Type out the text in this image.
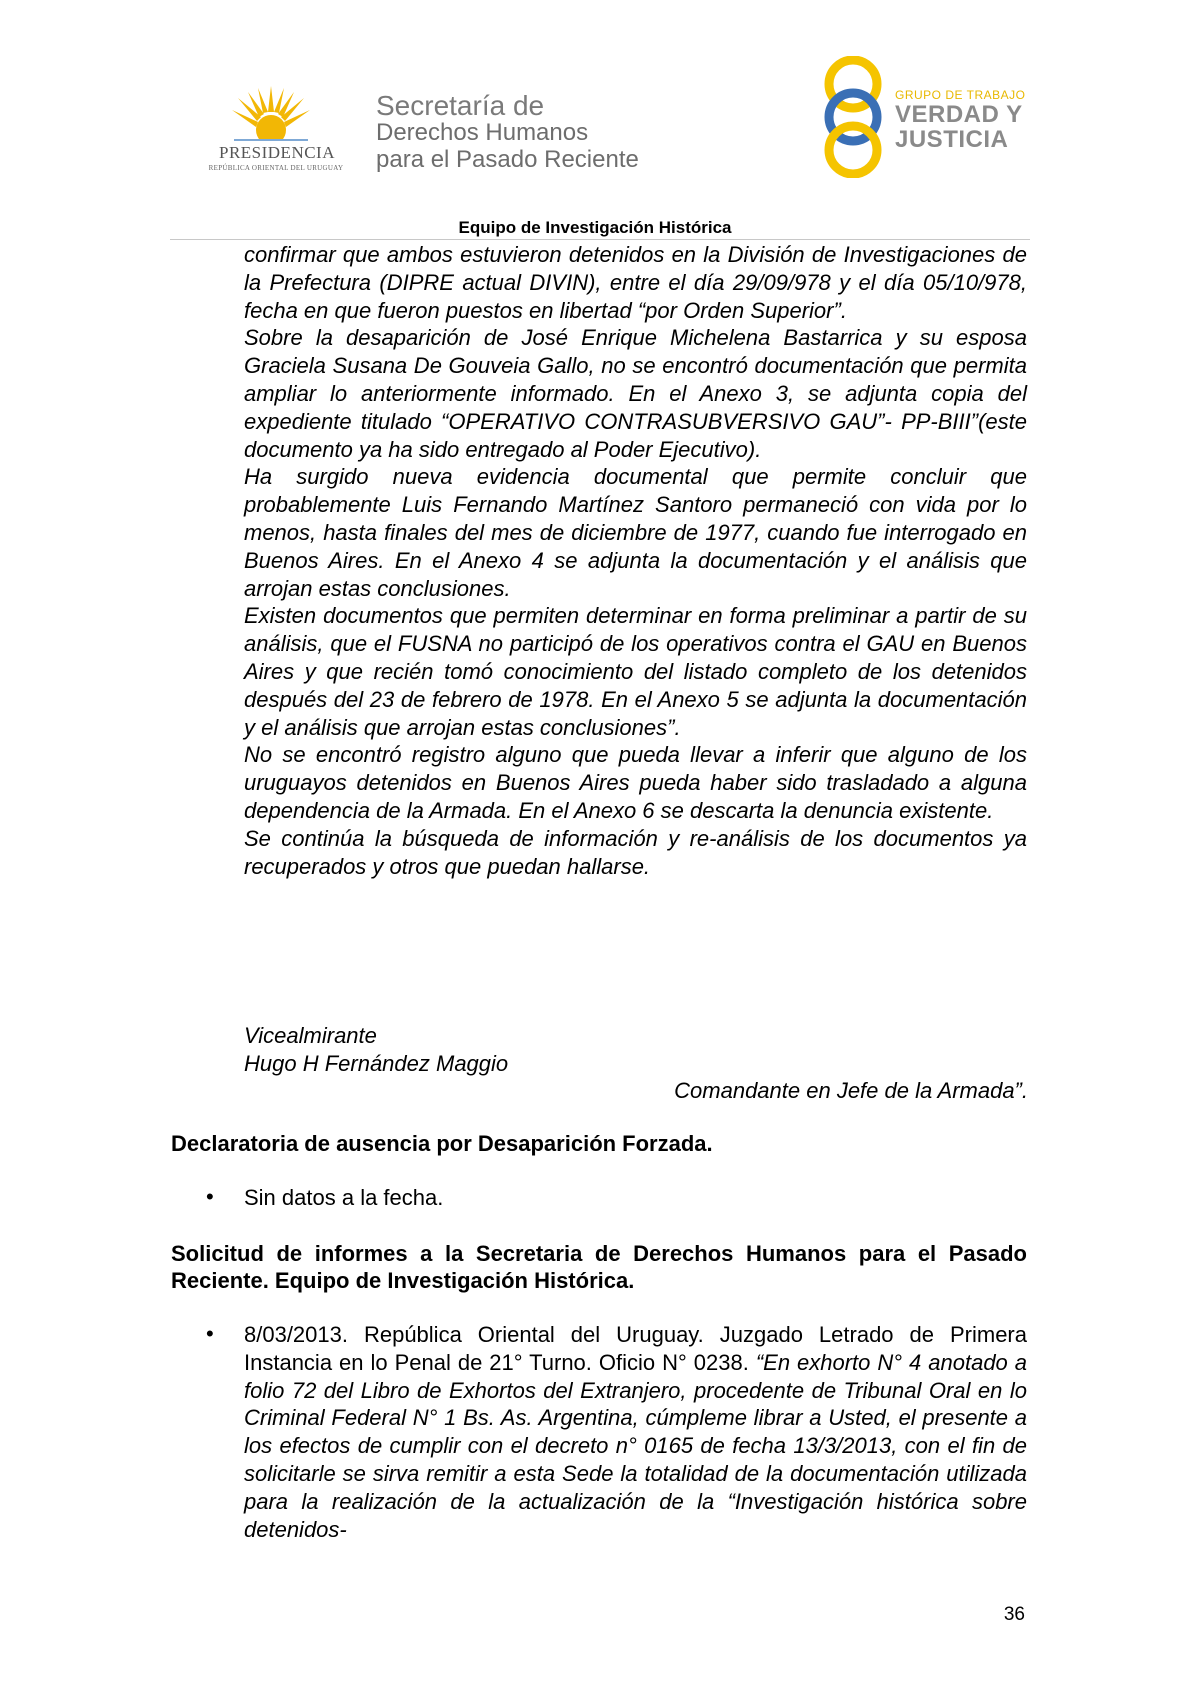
PRESIDENCIA
REPÚBLICA ORIENTAL DEL URUGUAY
Secretaría de
Derechos Humanos
para el Pasado Reciente
GRUPO DE TRABAJO
VERDAD Y
JUSTICIA
Equipo de Investigación Histórica

confirmar que ambos estuvieron detenidos en la División de Investigaciones de la Prefectura (DIPRE actual DIVIN), entre el día 29/09/978 y el día 05/10/978, fecha en que fueron puestos en libertad “por Orden Superior”.

Sobre la desaparición de José Enrique Michelena Bastarrica y su esposa Graciela Susana De Gouveia Gallo, no se encontró documentación que permita ampliar lo anteriormente informado. En el Anexo 3, se adjunta copia del expediente titulado “OPERATIVO CONTRASUBVERSIVO GAU”- PP-BIII”(este documento ya ha sido entregado al Poder Ejecutivo).

Ha surgido nueva evidencia documental que permite concluir que probablemente Luis Fernando Martínez Santoro permaneció con vida por lo menos, hasta finales del mes de diciembre de 1977, cuando fue interrogado en Buenos Aires. En el Anexo 4 se adjunta la documentación y el análisis que arrojan estas conclusiones.

Existen documentos que permiten determinar en forma preliminar a partir de su análisis, que el FUSNA no participó de los operativos contra el GAU en Buenos Aires y que recién tomó conocimiento del listado completo de los detenidos después del 23 de febrero de 1978. En el Anexo 5 se adjunta la documentación y el análisis que arrojan estas conclusiones”.

No se encontró registro alguno que pueda llevar a inferir que alguno de los uruguayos detenidos en Buenos Aires pueda haber sido trasladado a alguna dependencia de la Armada. En el Anexo 6 se descarta la denuncia existente.

Se continúa la búsqueda de información y re-análisis de los documentos ya recuperados y otros que puedan hallarse.

Vicealmirante
Hugo H Fernández Maggio
Comandante en Jefe de la Armada”.
Declaratoria de ausencia por Desaparición Forzada.
• Sin datos a la fecha.
Solicitud de informes a la Secretaria de Derechos Humanos para el Pasado Reciente. Equipo de Investigación Histórica.
• 8/03/2013. República Oriental del Uruguay. Juzgado Letrado de Primera Instancia en lo Penal de 21° Turno. Oficio N° 0238. “En exhorto N° 4 anotado a folio 72 del Libro de Exhortos del Extranjero, procedente de Tribunal Oral en lo Criminal Federal N° 1 Bs. As. Argentina, cúmpleme librar a Usted, el presente a los efectos de cumplir con el decreto n° 0165 de fecha 13/3/2013, con el fin de solicitarle se sirva remitir a esta Sede la totalidad de la documentación utilizada para la realización de la actualización de la “Investigación histórica sobre detenidos-
36
